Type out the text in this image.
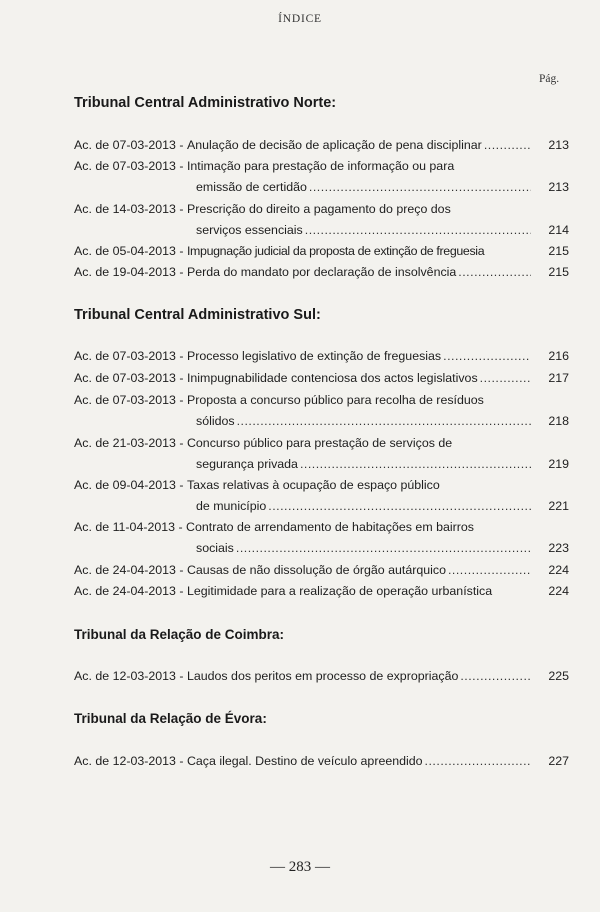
ÍNDICE
Pág.
Tribunal Central Administrativo Norte:
Ac. de 07-03-2013 - Anulação de decisão de aplicação de pena disciplinar .....	213
Ac. de 07-03-2013 - Intimação para prestação de informação ou para
emissão de certidão .....	213
Ac. de 14-03-2013 - Prescrição do direito a pagamento do preço dos
serviços essenciais .....	214
Ac. de 05-04-2013 - Impugnação judicial da proposta de extinção de freguesia	215
Ac. de 19-04-2013 - Perda do mandato por declaração de insolvência .....	215
Tribunal Central Administrativo Sul:
Ac. de 07-03-2013 - Processo legislativo de extinção de freguesias .....	216
Ac. de 07-03-2013 - Inimpugnabilidade contenciosa dos actos legislativos .....	217
Ac. de 07-03-2013 - Proposta a concurso público para recolha de resíduos
sólidos .....	218
Ac. de 21-03-2013 - Concurso público para prestação de serviços de
segurança privada .....	219
Ac. de 09-04-2013 - Taxas relativas à ocupação de espaço público
de município .....	221
Ac. de 11-04-2013 - Contrato de arrendamento de habitações em bairros
sociais .....	223
Ac. de 24-04-2013 - Causas de não dissolução de órgão autárquico .....	224
Ac. de 24-04-2013 - Legitimidade para a realização de operação urbanística	224
Tribunal da Relação de Coimbra:
Ac. de 12-03-2013 - Laudos dos peritos em processo de expropriação .....	225
Tribunal da Relação de Évora:
Ac. de 12-03-2013 - Caça ilegal. Destino de veículo apreendido .....	227
— 283 —
